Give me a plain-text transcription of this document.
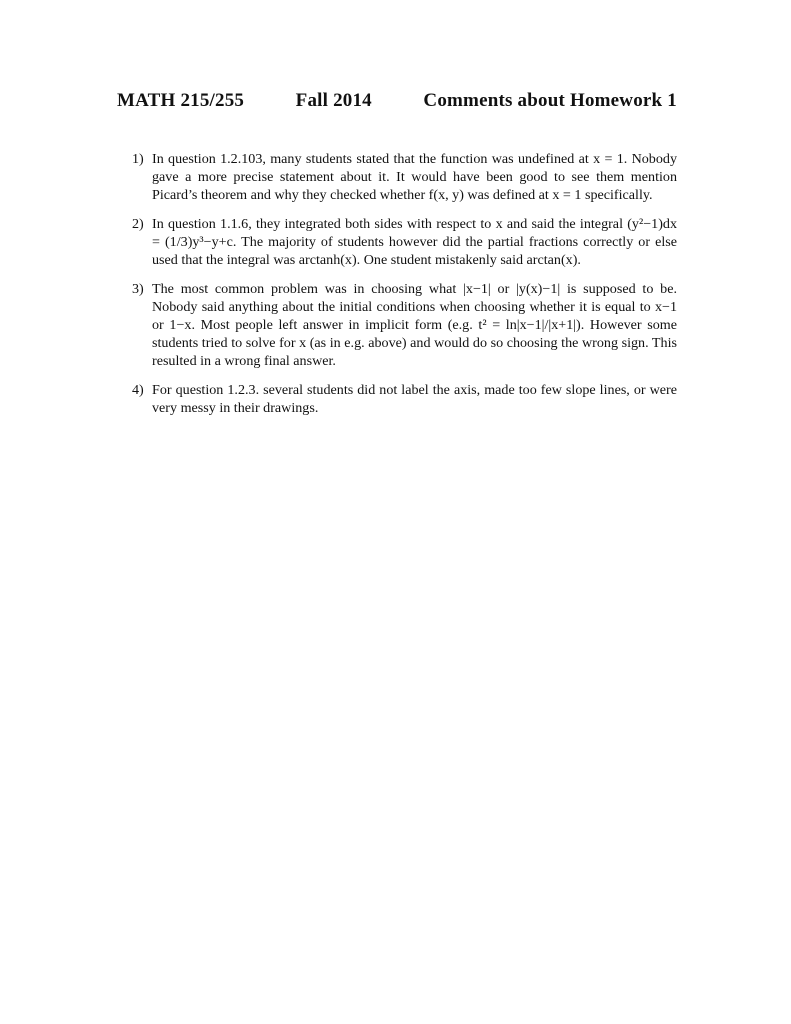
MATH 215/255	Fall 2014	Comments about Homework 1
1) In question 1.2.103, many students stated that the function was undefined at x = 1. Nobody gave a more precise statement about it. It would have been good to see them mention Picard’s theorem and why they checked whether f(x, y) was defined at x = 1 specifically.
2) In question 1.1.6, they integrated both sides with respect to x and said the integral (y²−1)dx = (1/3)y³−y+c. The majority of students however did the partial fractions correctly or else used that the integral was arctanh(x). One student mistakenly said arctan(x).
3) The most common problem was in choosing what |x−1| or |y(x)−1| is supposed to be. Nobody said anything about the initial conditions when choosing whether it is equal to x−1 or 1−x. Most people left answer in implicit form (e.g. t² = ln|x−1|/|x+1|). However some students tried to solve for x (as in e.g. above) and would do so choosing the wrong sign. This resulted in a wrong final answer.
4) For question 1.2.3. several students did not label the axis, made too few slope lines, or were very messy in their drawings.
